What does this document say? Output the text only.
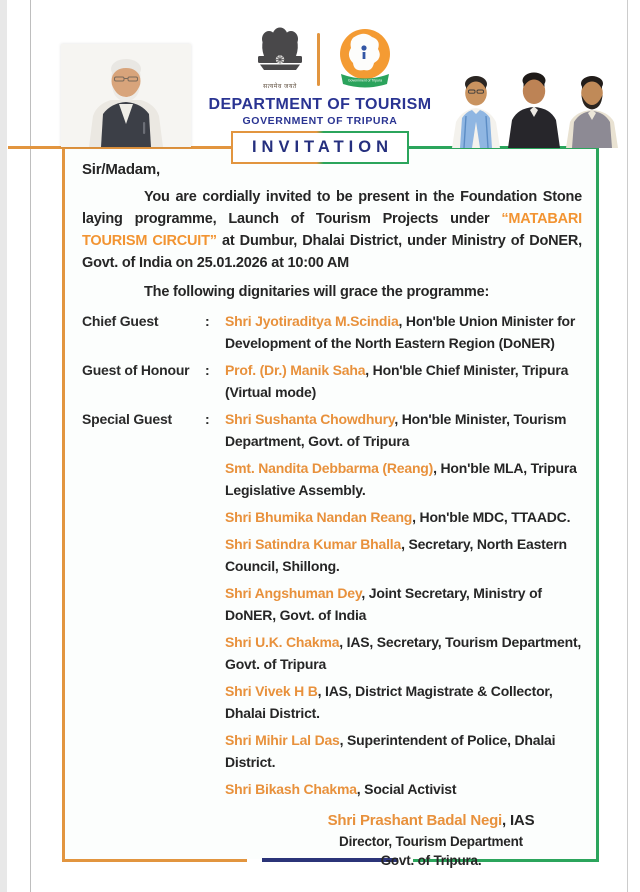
सत्यमेव जयते
Government of Tripura
DEPARTMENT OF TOURISM
GOVERNMENT OF TRIPURA
INVITATION
Sir/Madam,
You are cordially invited to be present in the Foundation Stone laying programme, Launch of Tourism Projects under “MATABARI TOURISM CIRCUIT” at Dumbur, Dhalai District, under Ministry of DoNER, Govt. of India on 25.01.2026 at 10:00 AM
The following dignitaries will grace the programme:
Chief Guest	:	Shri Jyotiraditya M.Scindia, Hon'ble Union Minister for Development of the North Eastern Region (DoNER)
Guest of Honour	:	Prof. (Dr.) Manik Saha, Hon'ble Chief Minister, Tripura (Virtual mode)
Special Guest	:	Shri Sushanta Chowdhury, Hon'ble Minister, Tourism Department, Govt. of Tripura
Smt. Nandita Debbarma (Reang), Hon'ble MLA, Tripura Legislative Assembly.
Shri Bhumika Nandan Reang, Hon'ble MDC, TTAADC.
Shri Satindra Kumar Bhalla, Secretary, North Eastern Council, Shillong.
Shri Angshuman Dey, Joint Secretary, Ministry of DoNER, Govt. of India
Shri U.K. Chakma, IAS, Secretary, Tourism Department, Govt. of Tripura
Shri Vivek H B, IAS, District Magistrate & Collector, Dhalai District.
Shri Mihir Lal Das, Superintendent of Police, Dhalai District.
Shri Bikash Chakma, Social Activist
Shri Prashant Badal Negi, IAS
Director, Tourism Department
Govt. of Tripura.
